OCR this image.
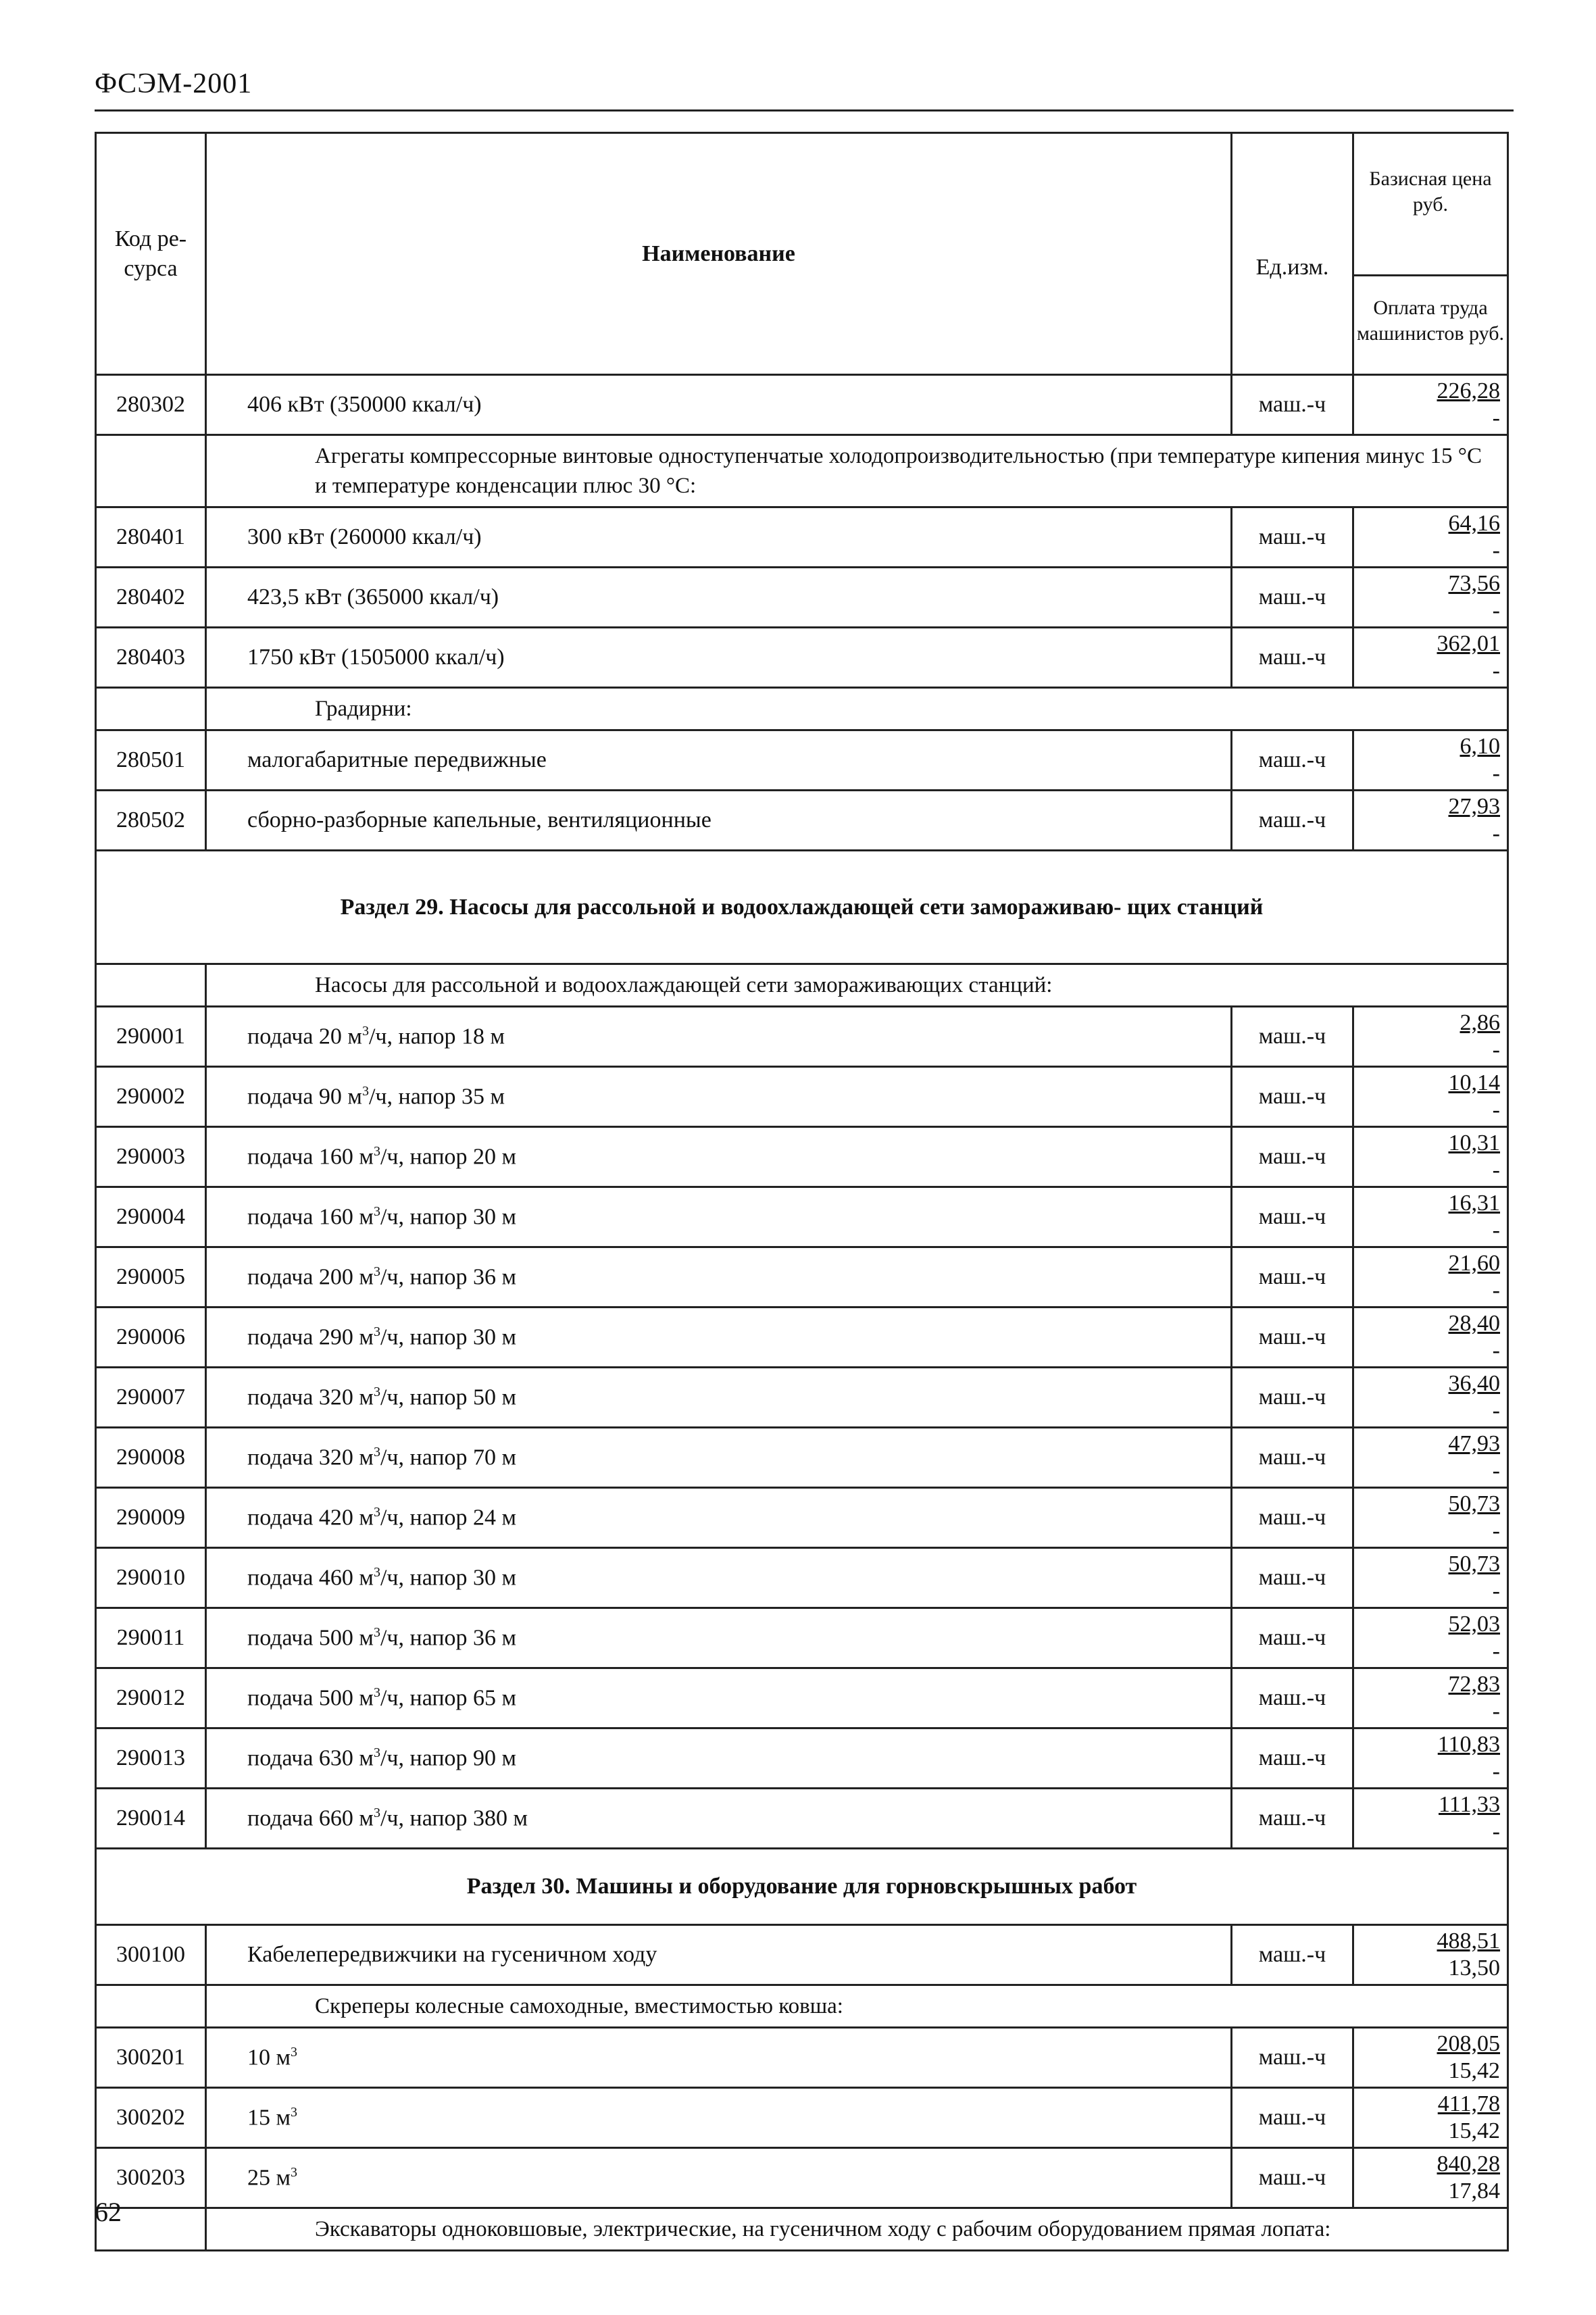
ФСЭМ-2001
Код ре- сурса	Наименование	Ед.изм.	Базисная цена руб.
Оплата труда машинистов руб.

280302	406 кВт (350000 ккал/ч)	маш.-ч	226,28
-

	Агрегаты компрессорные винтовые одноступенчатые холодопроизводительностью (при температуре кипения минус 15 °С и температуре конденсации плюс 30 °С:		
280401	300 кВт (260000 ккал/ч)	маш.-ч	64,16
-

280402	423,5 кВт (365000 ккал/ч)	маш.-ч	73,56
-

280403	1750 кВт (1505000 ккал/ч)	маш.-ч	362,01
-

	Градирни:		
280501	малогабаритные передвижные	маш.-ч	6,10
-

280502	сборно-разборные капельные, вентиляционные	маш.-ч	27,93
-

Раздел 29. Насосы для рассольной и водоохлаждающей сети замораживаю- щих станций			
	Насосы для рассольной и водоохлаждающей сети замораживающих станций:		
290001	подача 20 $м^3/ч$, напор 18 м	маш.-ч	2,86
-

290002	подача 90 $м^3/ч$, напор 35 м	маш.-ч	10,14
-

290003	подача 160 $м^3/ч$, напор 20 м	маш.-ч	10,31
-

290004	подача 160 $м^3/ч$, напор 30 м	маш.-ч	16,31
-

290005	подача 200 $м^3/ч$, напор 36 м	маш.-ч	21,60
-

290006	подача 290 $м^3/ч$, напор 30 м	маш.-ч	28,40
-

290007	подача 320 $м^3/ч$, напор 50 м	маш.-ч	36,40
-

290008	подача 320 $м^3/ч$, напор 70 м	маш.-ч	47,93
-

290009	подача 420 $м^3/ч$, напор 24 м	маш.-ч	50,73
-

290010	подача 460 $м^3/ч$, напор 30 м	маш.-ч	50,73
-

290011	подача 500 $м^3/ч$, напор 36 м	маш.-ч	52,03
-

290012	подача 500 $м^3/ч$, напор 65 м	маш.-ч	72,83
-

290013	подача 630 $м^3/ч$, напор 90 м	маш.-ч	110,83
-

290014	подача 660 $м^3/ч$, напор 380 м	маш.-ч	111,33
-

Раздел 30. Машины и оборудование для горновскрышных работ			
300100	Кабелепередвижчики на гусеничном ходу	маш.-ч	488,51
13,50

	Скреперы колесные самоходные, вместимостью ковша:		
300201	10 $м^3$	маш.-ч	208,05
15,42

300202	15 $м^3$	маш.-ч	411,78
15,42

300203	25 $м^3$	маш.-ч	840,28
17,84

	Экскаваторы одноковшовые, электрические, на гусеничном ходу с рабочим оборудованием прямая лопата:		
62
